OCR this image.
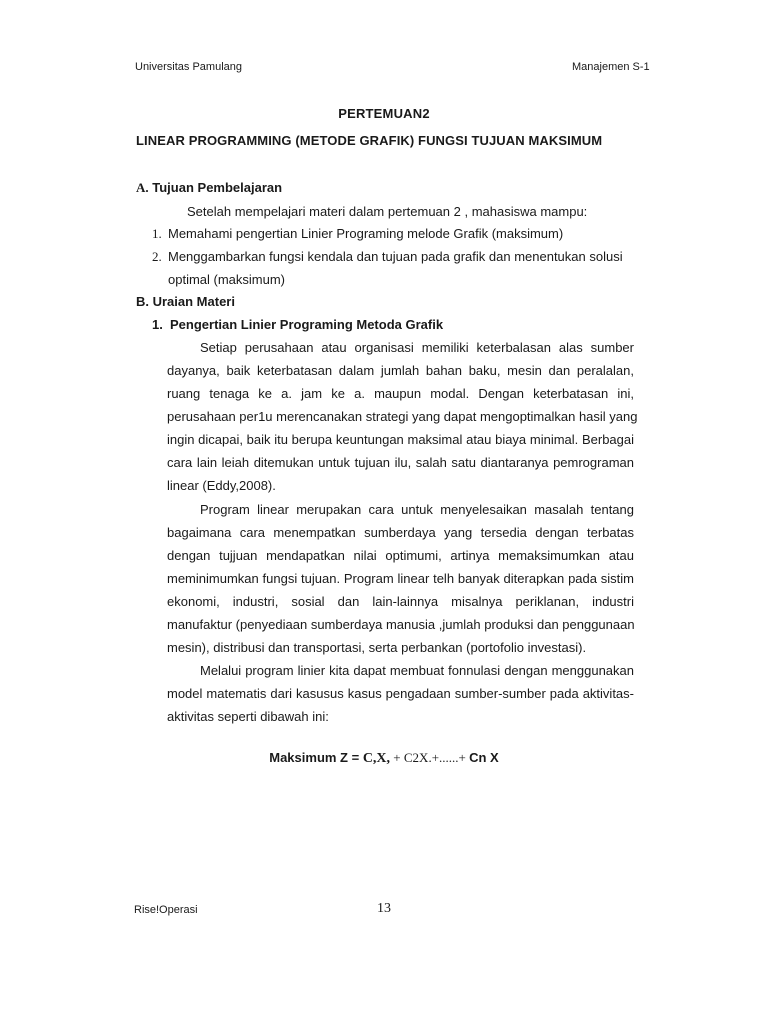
Universitas Pamulang	Manajemen S-1
PERTEMUAN2
LINEAR PROGRAMMING (METODE GRAFIK) FUNGSI TUJUAN MAKSIMUM
A. Tujuan Pembelajaran
Setelah mempelajari materi dalam pertemuan 2 , mahasiswa mampu:
1. Memahami pengertian Linier Programing melode Grafik (maksimum)
2. Menggambarkan fungsi kendala dan tujuan pada grafik dan menentukan solusi
optimal (maksimum)
B. Uraian Materi
1. Pengertian Linier Programing Metoda Grafik
Setiap perusahaan atau organisasi memiliki keterbalasan alas sumber
dayanya, baik keterbatasan dalam jumlah bahan baku, mesin dan peralalan,
ruang tenaga ke a. jam ke a. maupun modal. Dengan keterbatasan ini,
perusahaan per1u merencanakan strategi yang dapat mengoptimalkan hasil yang
ingin dicapai, baik itu berupa keuntungan maksimal atau biaya minimal. Berbagai
cara lain leiah ditemukan untuk tujuan ilu, salah satu diantaranya pemrograman
linear (Eddy,2008).
Program linear merupakan cara untuk menyelesaikan masalah tentang
bagaimana cara menempatkan sumberdaya yang tersedia dengan terbatas
dengan tujjuan mendapatkan nilai optimumi, artinya memaksimumkan atau
meminimumkan fungsi tujuan. Program linear telh banyak diterapkan pada sistim
ekonomi, industri, sosial dan lain-lainnya misalnya periklanan, industri
manufaktur (penyediaan sumberdaya manusia ,jumlah produksi dan penggunaan
mesin), distribusi dan transportasi, serta perbankan (portofolio investasi).
Melalui program linier kita dapat membuat fonnulasi dengan menggunakan
model matematis dari kasusus kasus pengadaan sumber-sumber pada aktivitas-
aktivitas seperti dibawah ini:
Maksimum Z = C,X, + C2X.+......+ Cn X
Rise!Operasi	13
